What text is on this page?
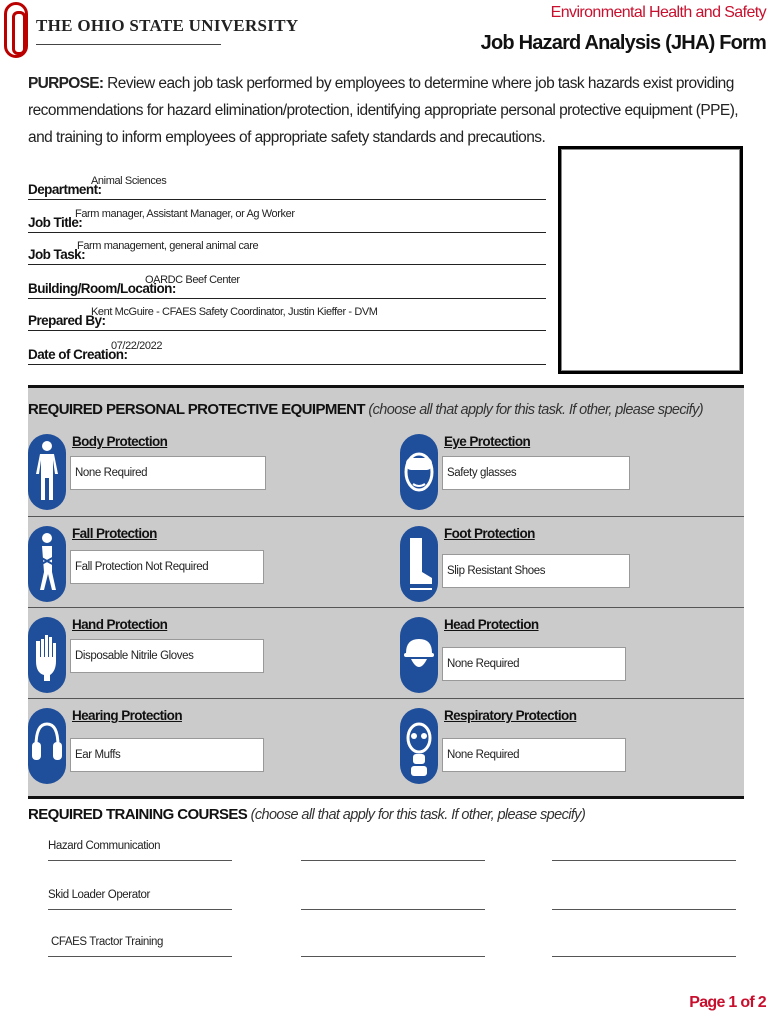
THE OHIO STATE UNIVERSITY
Environmental Health and Safety
Job Hazard Analysis (JHA) Form
PURPOSE: Review each job task performed by employees to determine where job task hazards exist providing recommendations for hazard elimination/protection, identifying appropriate personal protective equipment (PPE), and training to inform employees of appropriate safety standards and precautions.
Department:
Animal Sciences
Job Title:
Farm manager, Assistant Manager, or Ag Worker
Job Task:
Farm management, general animal care
Building/Room/Location:
OARDC Beef Center
Prepared By:
Kent McGuire - CFAES Safety Coordinator, Justin Kieffer - DVM
Date of Creation:
07/22/2022
REQUIRED PERSONAL PROTECTIVE EQUIPMENT (choose all that apply for this task. If other, please specify)
Body Protection
None Required
Eye Protection
Safety glasses
Fall Protection
Fall Protection Not Required
Foot Protection
Slip Resistant Shoes
Hand Protection
Disposable Nitrile Gloves
Head Protection
None Required
Hearing Protection
Ear Muffs
Respiratory Protection
None Required
REQUIRED TRAINING COURSES (choose all that apply for this task. If other, please specify)
Hazard Communication
Skid Loader Operator
CFAES Tractor Training
Page 1 of 2
